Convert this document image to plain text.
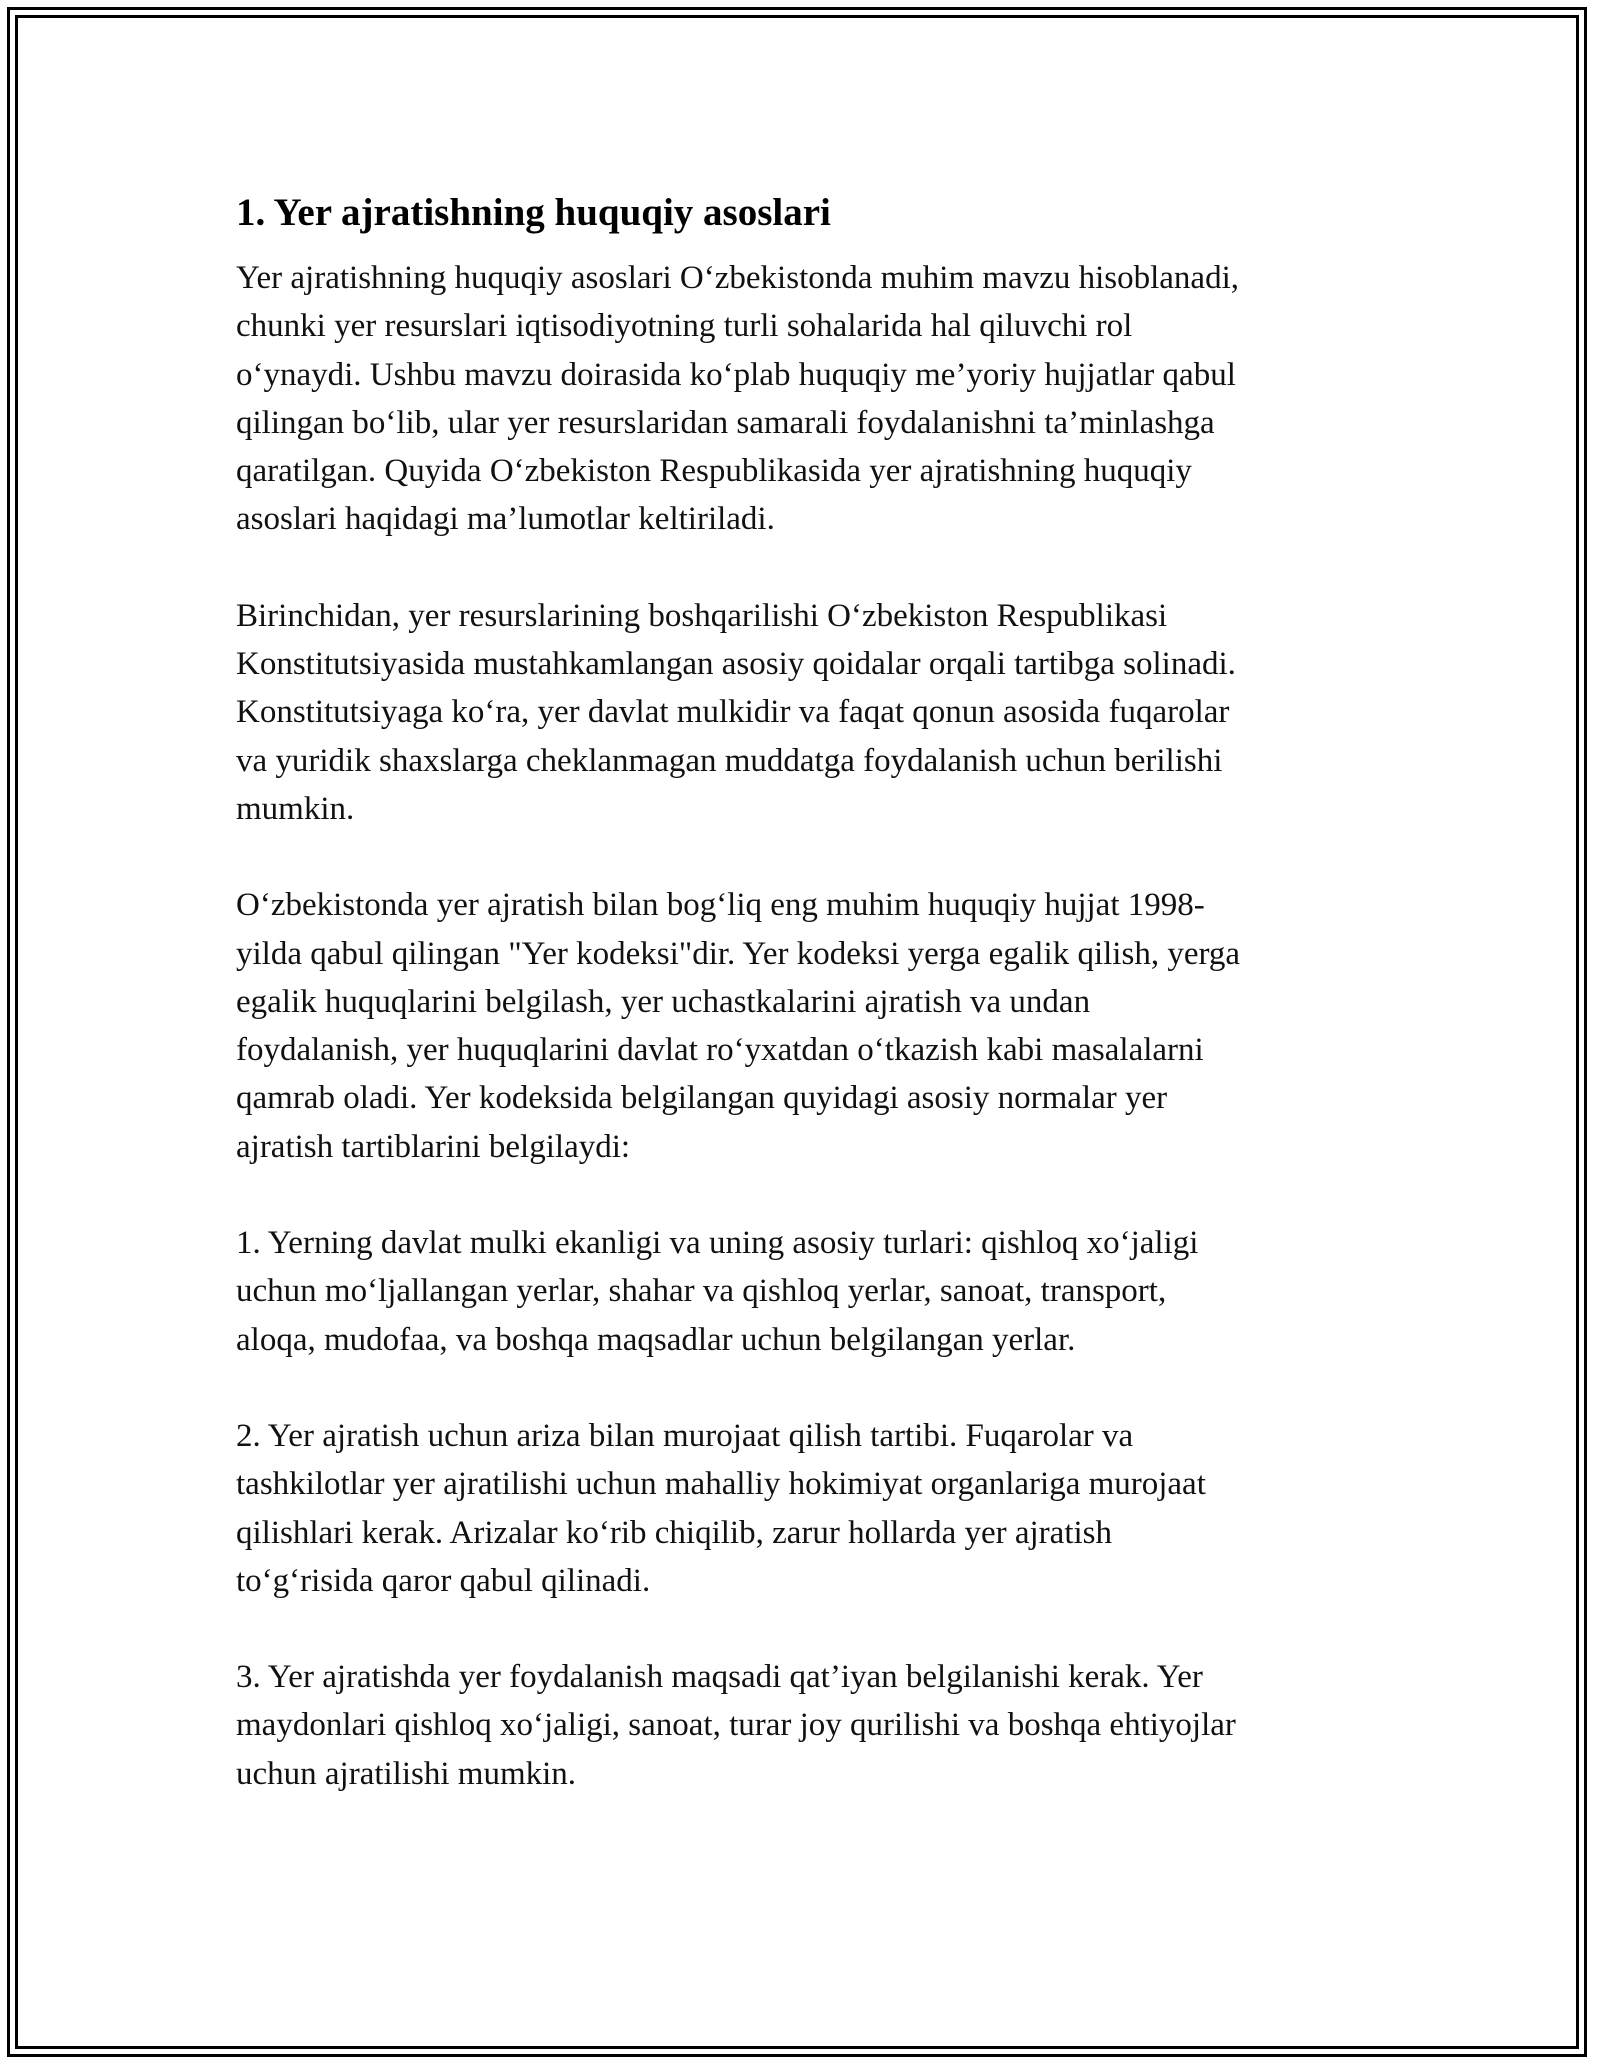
1. Yer ajratishning huquqiy asoslari

Yer ajratishning huquqiy asoslari O‘zbekistonda muhim mavzu hisoblanadi,
chunki yer resurslari iqtisodiyotning turli sohalarida hal qiluvchi rol
o‘ynaydi. Ushbu mavzu doirasida ko‘plab huquqiy me’yoriy hujjatlar qabul
qilingan bo‘lib, ular yer resurslaridan samarali foydalanishni ta’minlashga
qaratilgan. Quyida O‘zbekiston Respublikasida yer ajratishning huquqiy
asoslari haqidagi ma’lumotlar keltiriladi.

Birinchidan, yer resurslarining boshqarilishi O‘zbekiston Respublikasi
Konstitutsiyasida mustahkamlangan asosiy qoidalar orqali tartibga solinadi.
Konstitutsiyaga ko‘ra, yer davlat mulkidir va faqat qonun asosida fuqarolar
va yuridik shaxslarga cheklanmagan muddatga foydalanish uchun berilishi
mumkin.

O‘zbekistonda yer ajratish bilan bog‘liq eng muhim huquqiy hujjat 1998-
yilda qabul qilingan "Yer kodeksi"dir. Yer kodeksi yerga egalik qilish, yerga
egalik huquqlarini belgilash, yer uchastkalarini ajratish va undan
foydalanish, yer huquqlarini davlat ro‘yxatdan o‘tkazish kabi masalalarni
qamrab oladi. Yer kodeksida belgilangan quyidagi asosiy normalar yer
ajratish tartiblarini belgilaydi:

1. Yerning davlat mulki ekanligi va uning asosiy turlari: qishloq xo‘jaligi
uchun mo‘ljallangan yerlar, shahar va qishloq yerlar, sanoat, transport,
aloqa, mudofaa, va boshqa maqsadlar uchun belgilangan yerlar.

2. Yer ajratish uchun ariza bilan murojaat qilish tartibi. Fuqarolar va
tashkilotlar yer ajratilishi uchun mahalliy hokimiyat organlariga murojaat
qilishlari kerak. Arizalar ko‘rib chiqilib, zarur hollarda yer ajratish
to‘g‘risida qaror qabul qilinadi.

3. Yer ajratishda yer foydalanish maqsadi qat’iyan belgilanishi kerak. Yer
maydonlari qishloq xo‘jaligi, sanoat, turar joy qurilishi va boshqa ehtiyojlar
uchun ajratilishi mumkin.
